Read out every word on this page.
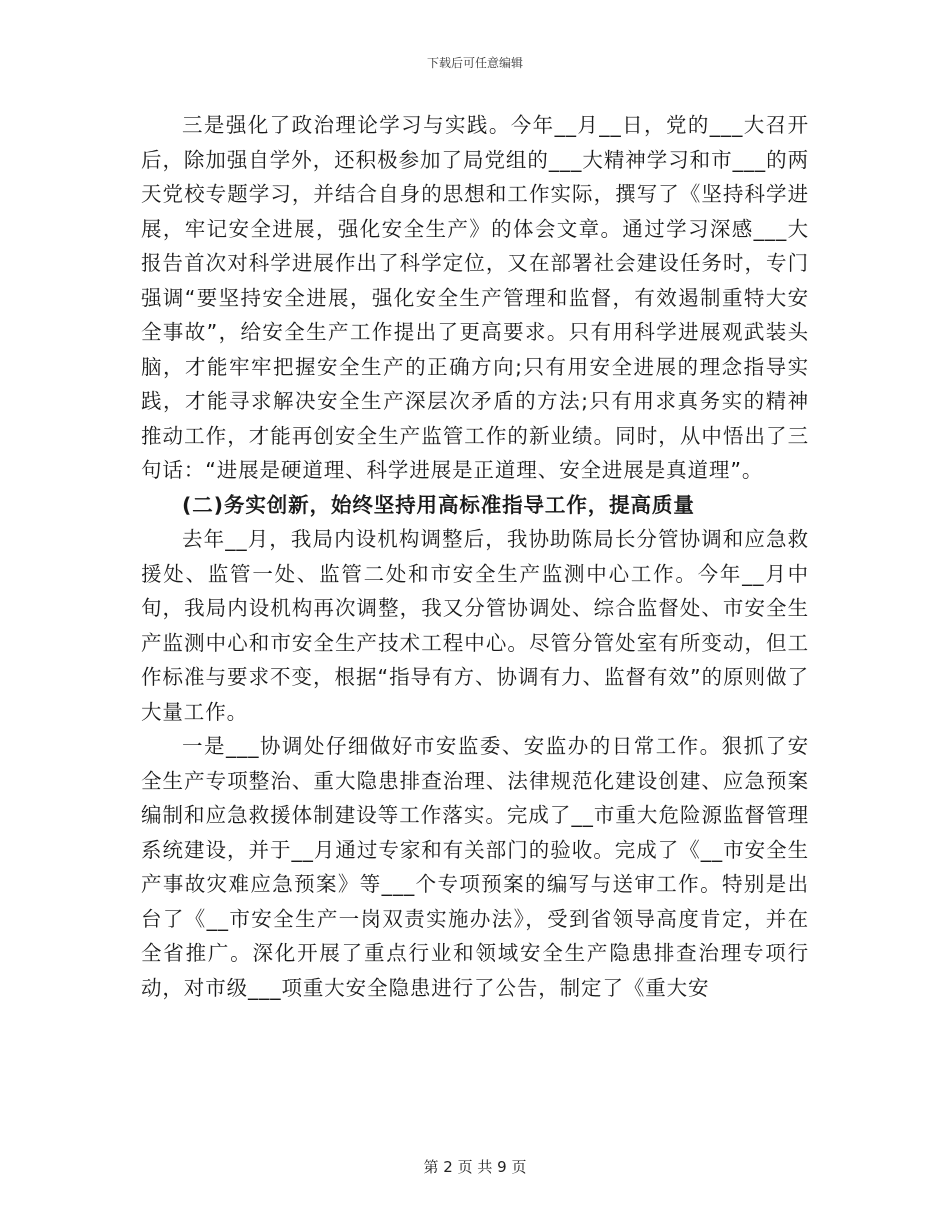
下载后可任意编辑

三是强化了政治理论学习与实践。今年__月__日，党的___大召开后，除加强自学外，还积极参加了局党组的___大精神学习和市___的两天党校专题学习，并结合自身的思想和工作实际，撰写了《坚持科学进展，牢记安全进展，强化安全生产》的体会文章。通过学习深感___大报告首次对科学进展作出了科学定位，又在部署社会建设任务时，专门强调“要坚持安全进展，强化安全生产管理和监督，有效遏制重特大安全事故”，给安全生产工作提出了更高要求。只有用科学进展观武装头脑，才能牢牢把握安全生产的正确方向;只有用安全进展的理念指导实践，才能寻求解决安全生产深层次矛盾的方法;只有用求真务实的精神推动工作，才能再创安全生产监管工作的新业绩。同时，从中悟出了三句话：“进展是硬道理、科学进展是正道理、安全进展是真道理”。

(二)务实创新，始终坚持用高标准指导工作，提高质量

去年__月，我局内设机构调整后，我协助陈局长分管协调和应急救援处、监管一处、监管二处和市安全生产监测中心工作。今年__月中旬，我局内设机构再次调整，我又分管协调处、综合监督处、市安全生产监测中心和市安全生产技术工程中心。尽管分管处室有所变动，但工作标准与要求不变，根据“指导有方、协调有力、监督有效”的原则做了大量工作。

一是___协调处仔细做好市安监委、安监办的日常工作。狠抓了安全生产专项整治、重大隐患排查治理、法律规范化建设创建、应急预案编制和应急救援体制建设等工作落实。完成了__市重大危险源监督管理系统建设，并于__月通过专家和有关部门的验收。完成了《__市安全生产事故灾难应急预案》等___个专项预案的编写与送审工作。特别是出台了《__市安全生产一岗双责实施办法》，受到省领导高度肯定，并在全省推广。深化开展了重点行业和领域安全生产隐患排查治理专项行动，对市级___项重大安全隐患进行了公告，制定了《重大安

第 2 页 共 9 页
